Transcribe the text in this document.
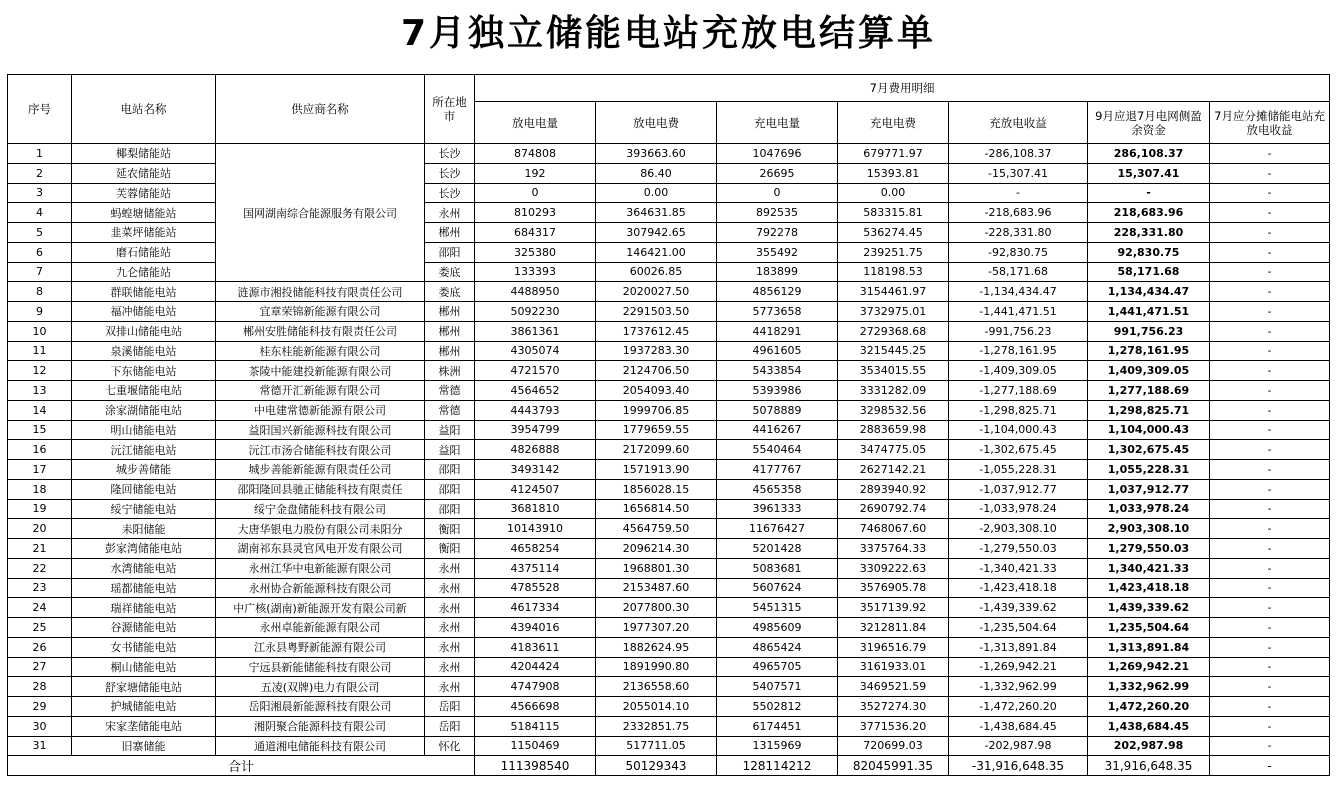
7月独立储能电站充放电结算单
序号	电站名称	供应商名称	所在地市	7月费用明细						
				放电电量	放电电费	充电电量	充电电费	充放电收益	9月应退7月电网侧盈余资金	7月应分摊储能电站充放电收益
1	椰梨储能站	国网湖南综合能源服务有限公司	长沙	874808	393663.60	1047696	679771.97	-286,108.37	286,108.37	-
2	延农储能站		长沙	192	86.40	26695	15393.81	-15,307.41	15,307.41	-
3	芙蓉储能站		长沙	0	0.00	0	0.00	-	-	-
4	蚂蝗塘储能站		永州	810293	364631.85	892535	583315.81	-218,683.96	218,683.96	-
5	韭菜坪储能站		郴州	684317	307942.65	792278	536274.45	-228,331.80	228,331.80	-
6	磨石储能站		邵阳	325380	146421.00	355492	239251.75	-92,830.75	92,830.75	-
7	九仑储能站		娄底	133393	60026.85	183899	118198.53	-58,171.68	58,171.68	-
8	群联储能电站	涟源市湘投储能科技有限责任公司	娄底	4488950	2020027.50	4856129	3154461.97	-1,134,434.47	1,134,434.47	-
9	福冲储能电站	宜章荣锦新能源有限公司	郴州	5092230	2291503.50	5773658	3732975.01	-1,441,471.51	1,441,471.51	-
10	双排山储能电站	郴州安胜储能科技有限责任公司	郴州	3861361	1737612.45	4418291	2729368.68	-991,756.23	991,756.23	-
11	泉溪储能电站	桂东桂能新能源有限公司	郴州	4305074	1937283.30	4961605	3215445.25	-1,278,161.95	1,278,161.95	-
12	下东储能电站	茶陵中能建投新能源有限公司	株洲	4721570	2124706.50	5433854	3534015.55	-1,409,309.05	1,409,309.05	-
13	七重堰储能电站	常德开汇新能源有限公司	常德	4564652	2054093.40	5393986	3331282.09	-1,277,188.69	1,277,188.69	-
14	涂家湖储能电站	中电建常德新能源有限公司	常德	4443793	1999706.85	5078889	3298532.56	-1,298,825.71	1,298,825.71	-
15	明山储能电站	益阳国兴新能源科技有限公司	益阳	3954799	1779659.55	4416267	2883659.98	-1,104,000.43	1,104,000.43	-
16	沅江储能电站	沅江市汤合储能科技有限公司	益阳	4826888	2172099.60	5540464	3474775.05	-1,302,675.45	1,302,675.45	-
17	城步善储能	城步善能新能源有限责任公司	邵阳	3493142	1571913.90	4177767	2627142.21	-1,055,228.31	1,055,228.31	-
18	隆回储能电站	邵阳隆回县驰正储能科技有限责任	邵阳	4124507	1856028.15	4565358	2893940.92	-1,037,912.77	1,037,912.77	-
19	绥宁储能电站	绥宁金盘储能科技有限公司	邵阳	3681810	1656814.50	3961333	2690792.74	-1,033,978.24	1,033,978.24	-
20	耒阳储能	大唐华银电力股份有限公司耒阳分	衡阳	10143910	4564759.50	11676427	7468067.60	-2,903,308.10	2,903,308.10	-
21	彭家湾储能电站	湖南祁东县灵官风电开发有限公司	衡阳	4658254	2096214.30	5201428	3375764.33	-1,279,550.03	1,279,550.03	-
22	水湾储能电站	永州江华中电新能源有限公司	永州	4375114	1968801.30	5083681	3309222.63	-1,340,421.33	1,340,421.33	-
23	瑶都储能电站	永州协合新能源科技有限公司	永州	4785528	2153487.60	5607624	3576905.78	-1,423,418.18	1,423,418.18	-
24	瑞祥储能电站	中广核(湖南)新能源开发有限公司新	永州	4617334	2077800.30	5451315	3517139.92	-1,439,339.62	1,439,339.62	-
25	谷源储能电站	永州卓能新能源有限公司	永州	4394016	1977307.20	4985609	3212811.84	-1,235,504.64	1,235,504.64	-
26	女书储能电站	江永县粤野新能源有限公司	永州	4183611	1882624.95	4865424	3196516.79	-1,313,891.84	1,313,891.84	-
27	桐山储能电站	宁远县新能储能科技有限公司	永州	4204424	1891990.80	4965705	3161933.01	-1,269,942.21	1,269,942.21	-
28	舒家塘储能电站	五凌(双牌)电力有限公司	永州	4747908	2136558.60	5407571	3469521.59	-1,332,962.99	1,332,962.99	-
29	护城储能电站	岳阳湘晨新能源科技有限公司	岳阳	4566698	2055014.10	5502812	3527274.30	-1,472,260.20	1,472,260.20	-
30	宋家垄储能电站	湘阴聚合能源科技有限公司	岳阳	5184115	2332851.75	6174451	3771536.20	-1,438,684.45	1,438,684.45	-
31	旧寨储能	通道湘电储能科技有限公司	怀化	1150469	517711.05	1315969	720699.03	-202,987.98	202,987.98	-
合计				111398540	50129343	128114212	82045991.35	-31,916,648.35	31,916,648.35	-
